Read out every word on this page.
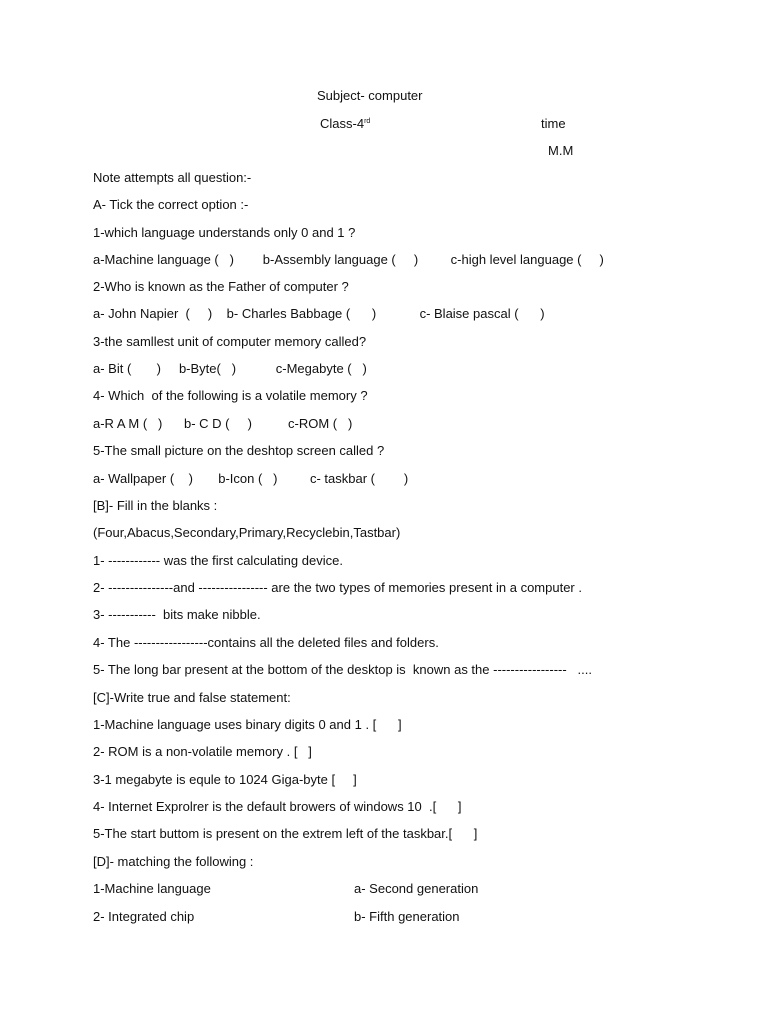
Subject- computer
Class-4rd	time
M.M
Note attempts all question:-
A- Tick the correct option :-
1-which language understands only 0 and 1 ?
a-Machine language (   )        b-Assembly language (     )         c-high level language (     )
2-Who is known as the Father of computer ?
a- John Napier  (     )    b- Charles Babbage (      )            c- Blaise pascal (      )
3-the samllest unit of computer memory called?
a- Bit (       )     b-Byte(   )           c-Megabyte (   )
4- Which  of the following is a volatile memory ?
a-R A M (   )      b- C D (     )          c-ROM (   )
5-The small picture on the deshtop screen called ?
a- Wallpaper (    )       b-Icon (   )         c- taskbar (        )
[B]- Fill in the blanks :
(Four,Abacus,Secondary,Primary,Recyclebin,Tastbar)
1- ------------ was the first calculating device.
2- ---------------and ---------------- are the two types of memories present in a computer .
3- -----------  bits make nibble.
4- The -----------------contains all the deleted files and folders.
5- The long bar present at the bottom of the desktop is  known as the -----------------   ....
[C]-Write true and false statement:
1-Machine language uses binary digits 0 and 1 . [      ]
2- ROM is a non-volatile memory . [   ]
3-1 megabyte is equle to 1024 Giga-byte [     ]
4- Internet Exprolrer is the default browers of windows 10  .[      ]
5-The start buttom is present on the extrem left of the taskbar.[      ]
[D]- matching the following :
1-Machine language	a- Second generation
2- Integrated chip	b- Fifth generation
